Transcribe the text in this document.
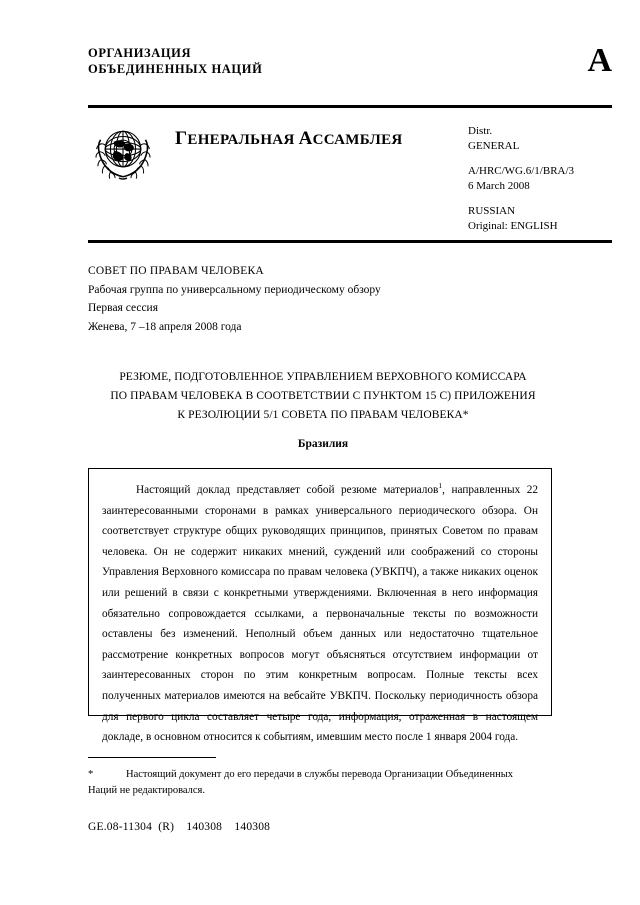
ОРГАНИЗАЦИЯ
ОБЪЕДИНЕННЫХ НАЦИЙ	A
ГЕНЕРАЛЬНАЯ АССАМБЛЕЯ
Distr.
GENERAL
A/HRC/WG.6/1/BRA/3
6 March 2008
RUSSIAN
Original: ENGLISH
СОВЕТ ПО ПРАВАМ ЧЕЛОВЕКА
Рабочая группа по универсальному периодическому обзору
Первая сессия
Женева, 7 –18 апреля 2008 года
РЕЗЮМЕ, ПОДГОТОВЛЕННОЕ УПРАВЛЕНИЕМ ВЕРХОВНОГО КОМИССАРА
ПО ПРАВАМ ЧЕЛОВЕКА В СООТВЕТСТВИИ С ПУНКТОМ 15 C) ПРИЛОЖЕНИЯ
К РЕЗОЛЮЦИИ 5/1 СОВЕТА ПО ПРАВАМ ЧЕЛОВЕКА*
Бразилия
Настоящий доклад представляет собой резюме материалов$^1$, направленных 22 заинтересованными сторонами в рамках универсального периодического обзора. Он соответствует структуре общих руководящих принципов, принятых Советом по правам человека. Он не содержит никаких мнений, суждений или соображений со стороны Управления Верховного комиссара по правам человека (УВКПЧ), а также никаких оценок или решений в связи с конкретными утверждениями. Включенная в него информация обязательно сопровождается ссылками, а первоначальные тексты по возможности оставлены без изменений. Неполный объем данных или недостаточно тщательное рассмотрение конкретных вопросов могут объясняться отсутствием информации от заинтересованных сторон по этим конкретным вопросам. Полные тексты всех полученных материалов имеются на вебсайте УВКПЧ. Поскольку периодичность обзора для первого цикла составляет четыре года, информация, отраженная в настоящем докладе, в основном относится к событиям, имевшим место после 1 января 2004 года.
*	Настоящий документ до его передачи в службы перевода Организации Объединенных Наций не редактировался.
GE.08-11304  (R)    140308    140308
